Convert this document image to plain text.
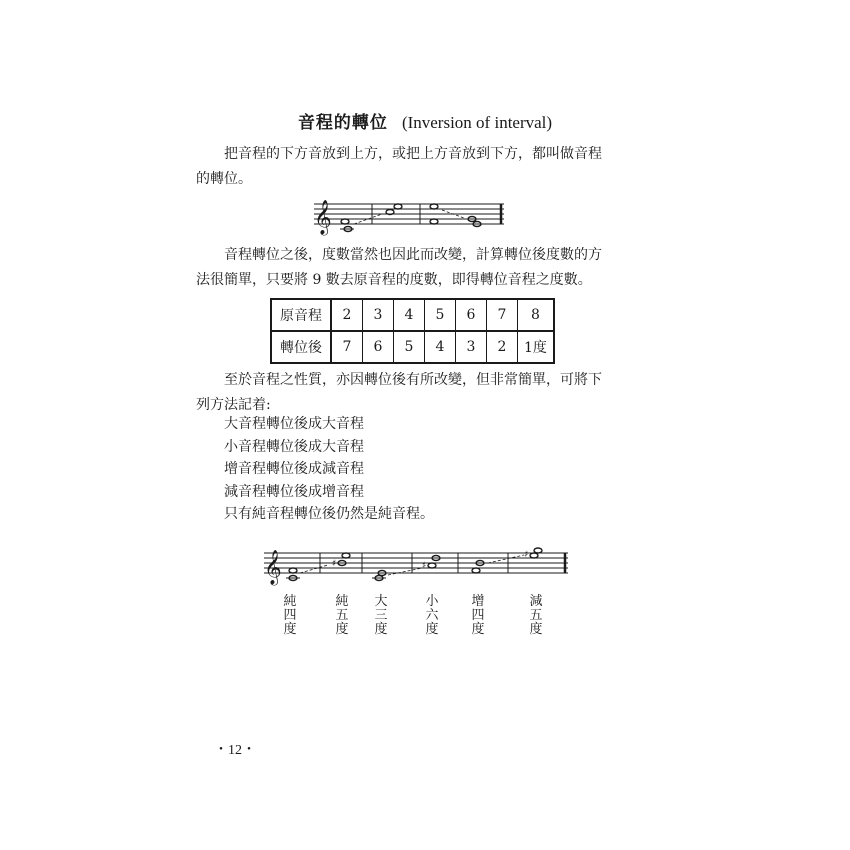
音程的轉位 (Inversion of interval)
把音程的下方音放到上方，或把上方音放到下方，都叫做音程
的轉位。
𝄞
音程轉位之後，度數當然也因此而改變，計算轉位後度數的方
法很簡單，只要將 9 數去原音程的度數，即得轉位音程之度數。
原音程	2	3	4	5	6	7	8
轉位後	7	6	5	4	3	2	1度
至於音程之性質，亦因轉位後有所改變，但非常簡單，可將下
列方法記着:
大音程轉位後成大音程
小音程轉位後成大音程
增音程轉位後成減音程
減音程轉位後成增音程
只有純音程轉位後仍然是純音程。
𝄞	♯	♯
♯
純
四
度
純
五
度
大
三
度
小
六
度
增
四
度
減
五
度
・12・
